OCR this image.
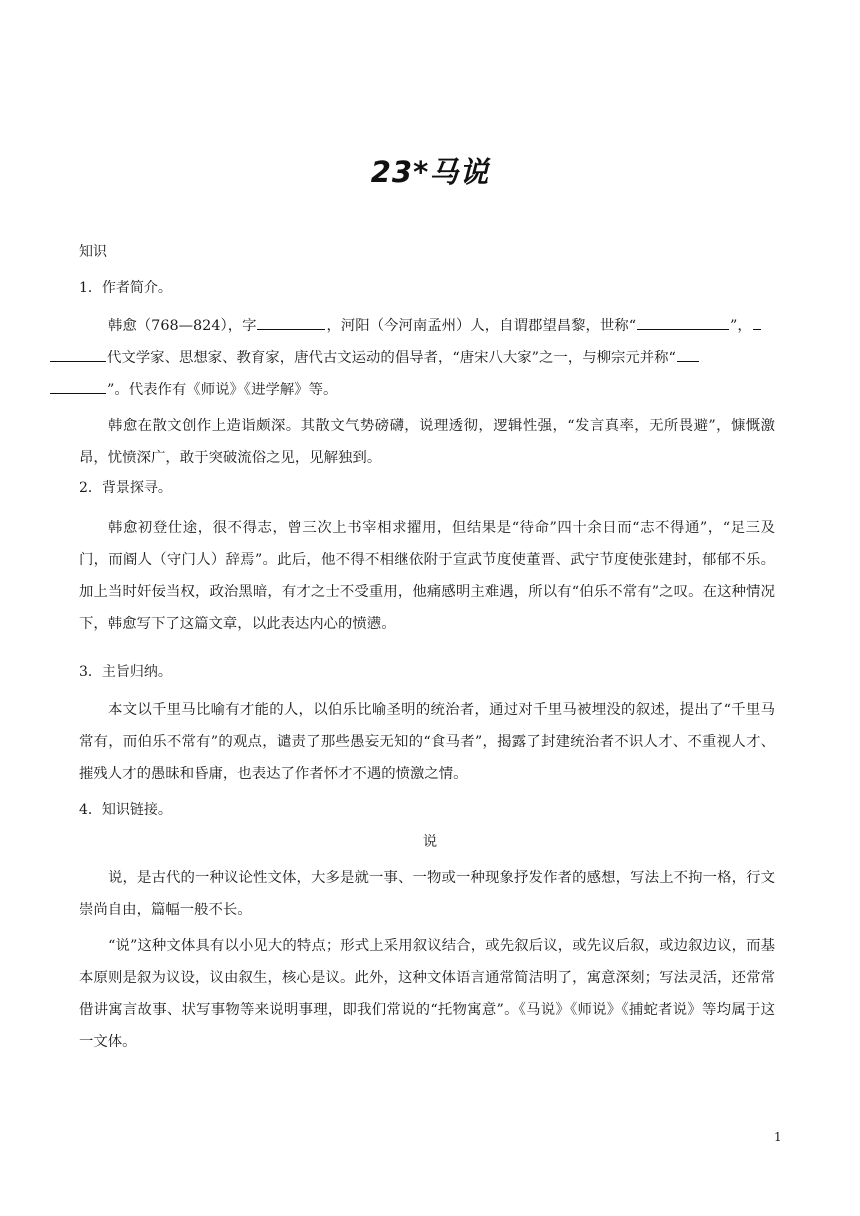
23*马说
知识
1．作者简介。
韩愈（768—824），字	，河阳（今河南孟州）人，自谓郡望昌黎，世称“	”，
代文学家、思想家、教育家，唐代古文运动的倡导者，“唐宋八大家”之一，与柳宗元并称“
”。代表作有《师说》《进学解》等。
韩愈在散文创作上造诣颇深。其散文气势磅礴，说理透彻，逻辑性强，“发言真率，无所畏避”，慷慨激昂，忧愤深广，敢于突破流俗之见，见解独到。
2．背景探寻。
韩愈初登仕途，很不得志，曾三次上书宰相求擢用，但结果是“待命”四十余日而“志不得通”，“足三及门，而阍人（守门人）辞焉”。此后，他不得不相继依附于宣武节度使董晋、武宁节度使张建封，郁郁不乐。加上当时奸佞当权，政治黑暗，有才之士不受重用，他痛感明主难遇，所以有“伯乐不常有”之叹。在这种情况下，韩愈写下了这篇文章，以此表达内心的愤懑。
3．主旨归纳。
本文以千里马比喻有才能的人，以伯乐比喻圣明的统治者，通过对千里马被埋没的叙述，提出了“千里马常有，而伯乐不常有”的观点，谴责了那些愚妄无知的“食马者”，揭露了封建统治者不识人才、不重视人才、摧残人才的愚昧和昏庸，也表达了作者怀才不遇的愤激之情。
4．知识链接。
说
说，是古代的一种议论性文体，大多是就一事、一物或一种现象抒发作者的感想，写法上不拘一格，行文崇尚自由，篇幅一般不长。
“说”这种文体具有以小见大的特点；形式上采用叙议结合，或先叙后议，或先议后叙，或边叙边议，而基本原则是叙为议设，议由叙生，核心是议。此外，这种文体语言通常简洁明了，寓意深刻；写法灵活，还常常借讲寓言故事、状写事物等来说明事理，即我们常说的“托物寓意”。《马说》《师说》《捕蛇者说》等均属于这一文体。
1
